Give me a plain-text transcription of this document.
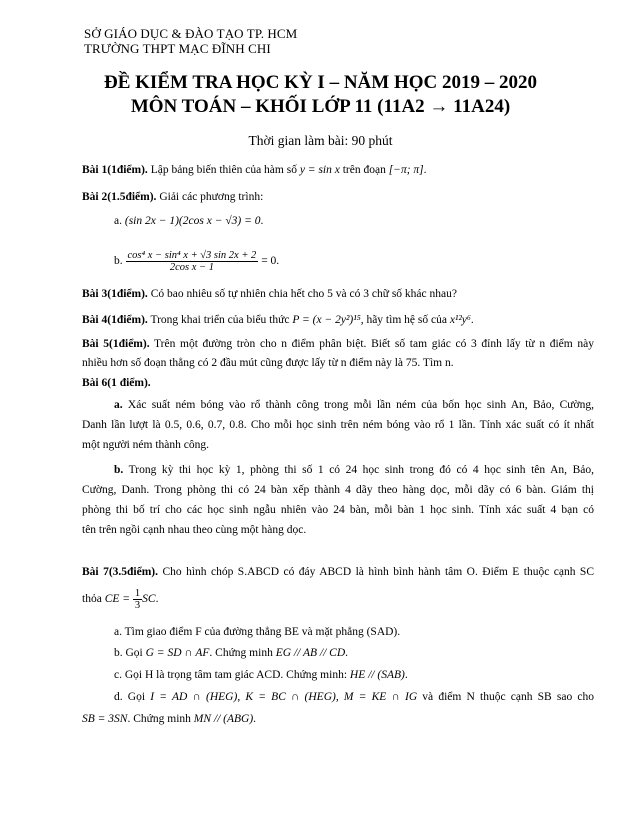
SỞ GIÁO DỤC & ĐÀO TẠO TP. HCM
TRƯỜNG THPT MẠC ĐĨNH CHI
ĐỀ KIỂM TRA HỌC KỲ I – NĂM HỌC 2019 – 2020
MÔN TOÁN – KHỐI LỚP 11 (11A2 → 11A24)
Thời gian làm bài: 90 phút
Bài 1(1điểm). Lập bảng biến thiên của hàm số y = sin x trên đoạn [−π; π].
Bài 2(1.5điểm). Giải các phương trình:
a. (sin 2x − 1)(2cos x − √3) = 0.
b. $\frac{\text{cos⁴ x − sin⁴ x + √3 sin 2x + 2}}{\text{2cos x − 1}} = 0$.
Bài 3(1điểm). Có bao nhiêu số tự nhiên chia hết cho 5 và có 3 chữ số khác nhau?
Bài 4(1điểm). Trong khai triển của biểu thức P = (x − 2y²)¹⁵, hãy tìm hệ số của x¹²y⁶.
Bài 5(1điểm). Trên một đường tròn cho n điểm phân biệt. Biết số tam giác có 3 đỉnh lấy từ n điểm này
nhiều hơn số đoạn thẳng có 2 đầu mút cũng được lấy từ n điểm này là 75. Tìm n.
Bài 6(1 điểm).
a. Xác suất ném bóng vào rổ thành công trong mỗi lần ném của bốn học sinh An, Bảo, Cường,
Danh lần lượt là 0.5, 0.6, 0.7, 0.8. Cho mỗi học sinh trên ném bóng vào rổ 1 lần. Tính xác suất có ít nhất
một người ném thành công.
b. Trong kỳ thi học kỳ 1, phòng thi số 1 có 24 học sinh trong đó có 4 học sinh tên An, Bảo,
Cường, Danh. Trong phòng thi có 24 bàn xếp thành 4 dãy theo hàng dọc, mỗi dãy có 6 bàn. Giám thị
phòng thi bố trí cho các học sinh ngẫu nhiên vào 24 bàn, mỗi bàn 1 học sinh. Tính xác suất 4 bạn có
tên trên ngồi cạnh nhau theo cùng một hàng dọc.
Bài 7(3.5điểm). Cho hình chóp S.ABCD có đáy ABCD là hình bình hành tâm O. Điểm E thuộc cạnh SC
thỏa CE = $\frac{1}{3}$ SC.
a. Tìm giao điểm F của đường thẳng BE và mặt phẳng (SAD).
b. Gọi G = SD ∩ AF. Chứng minh EG // AB // CD.
c. Gọi H là trọng tâm tam giác ACD. Chứng minh: HE // (SAB).
d. Gọi I = AD ∩ (HEG), K = BC ∩ (HEG), M = KE ∩ IG và điểm N thuộc cạnh SB sao cho
SB = 3SN. Chứng minh MN // (ABG).
